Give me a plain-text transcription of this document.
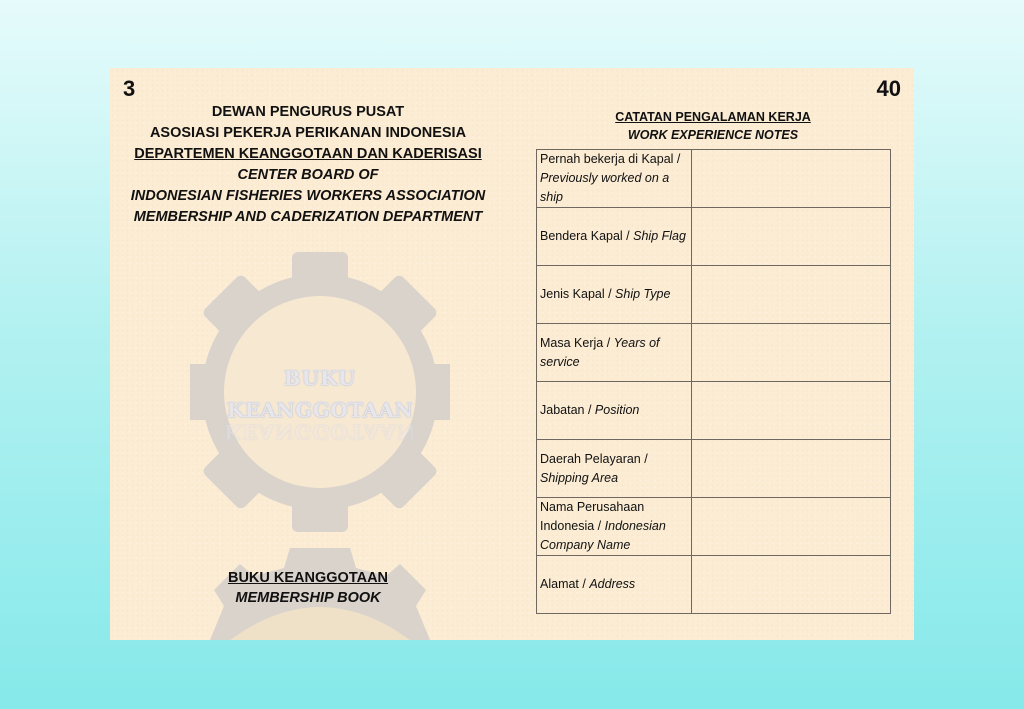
3	40
DEWAN PENGURUS PUSAT
ASOSIASI PEKERJA PERIKANAN INDONESIA
DEPARTEMEN KEANGGOTAAN DAN KADERISASI
CENTER BOARD OF
INDONESIAN FISHERIES WORKERS ASSOCIATION
MEMBERSHIP AND CADERIZATION DEPARTMENT
BUKU
KEANGGOTAAN
KEANGGOTAAN
BUKU KEANGGOTAAN
MEMBERSHIP BOOK
CATATAN PENGALAMAN KERJA
WORK EXPERIENCE NOTES
Pernah bekerja di Kapal / Previously worked on a ship	
Bendera Kapal / Ship Flag	
Jenis Kapal / Ship Type	
Masa Kerja / Years of service	
Jabatan / Position	
Daerah Pelayaran / Shipping Area	
Nama Perusahaan Indonesia / Indonesian Company Name	
Alamat / Address	
